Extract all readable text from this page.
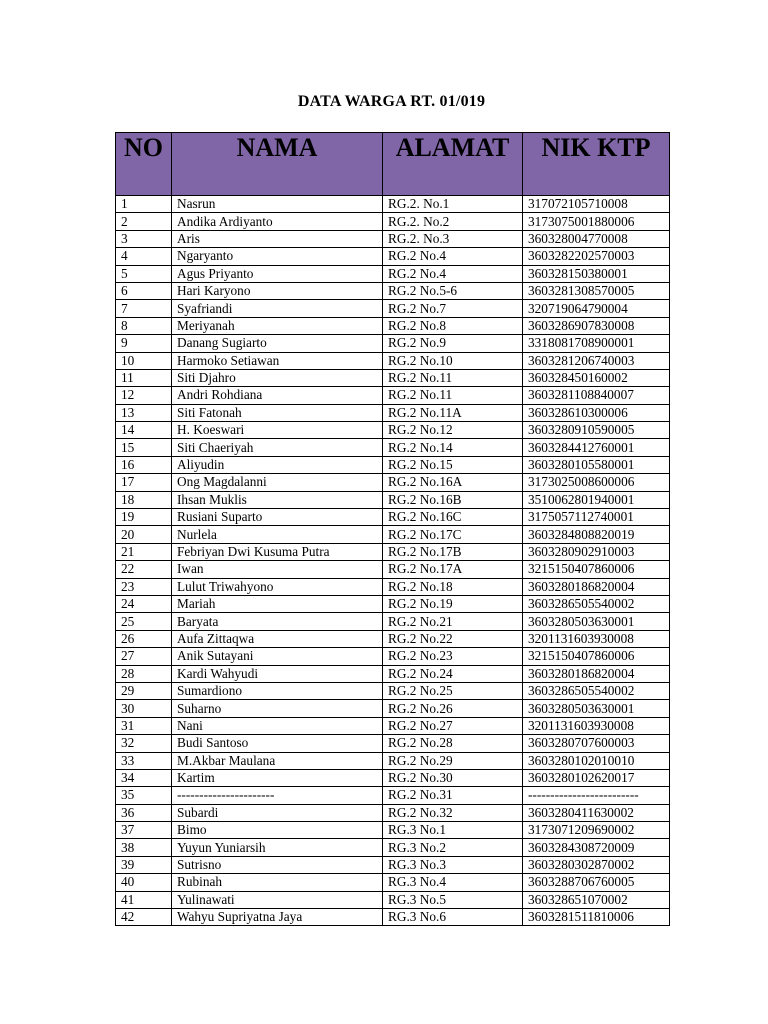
DATA WARGA RT. 01/019
NO	NAMA	ALAMAT	NIK KTP
1	Nasrun	RG.2. No.1	317072105710008
2	Andika Ardiyanto	RG.2. No.2	3173075001880006
3	Aris	RG.2. No.3	360328004770008
4	Ngaryanto	RG.2 No.4	3603282202570003
5	Agus Priyanto	RG.2 No.4	360328150380001
6	Hari Karyono	RG.2 No.5-6	3603281308570005
7	Syafriandi	RG.2 No.7	320719064790004
8	Meriyanah	RG.2 No.8	3603286907830008
9	Danang Sugiarto	RG.2 No.9	3318081708900001
10	Harmoko Setiawan	RG.2 No.10	3603281206740003
11	Siti Djahro	RG.2 No.11	360328450160002
12	Andri Rohdiana	RG.2 No.11	3603281108840007
13	Siti Fatonah	RG.2 No.11A	360328610300006
14	H. Koeswari	RG.2 No.12	3603280910590005
15	Siti Chaeriyah	RG.2 No.14	3603284412760001
16	Aliyudin	RG.2 No.15	3603280105580001
17	Ong Magdalanni	RG.2 No.16A	3173025008600006
18	Ihsan Muklis	RG.2 No.16B	3510062801940001
19	Rusiani Suparto	RG.2 No.16C	3175057112740001
20	Nurlela	RG.2 No.17C	3603284808820019
21	Febriyan Dwi Kusuma Putra	RG.2 No.17B	3603280902910003
22	Iwan	RG.2 No.17A	3215150407860006
23	Lulut Triwahyono	RG.2 No.18	3603280186820004
24	Mariah	RG.2 No.19	3603286505540002
25	Baryata	RG.2 No.21	3603280503630001
26	Aufa Zittaqwa	RG.2 No.22	3201131603930008
27	Anik Sutayani	RG.2 No.23	3215150407860006
28	Kardi Wahyudi	RG.2 No.24	3603280186820004
29	Sumardiono	RG.2 No.25	3603286505540002
30	Suharno	RG.2 No.26	3603280503630001
31	Nani	RG.2 No.27	3201131603930008
32	Budi Santoso	RG.2 No.28	3603280707600003
33	M.Akbar Maulana	RG.2 No.29	3603280102010010
34	Kartim	RG.2 No.30	3603280102620017
35	----------------------	RG.2 No.31	-------------------------
36	Subardi	RG.2 No.32	3603280411630002
37	Bimo	RG.3 No.1	3173071209690002
38	Yuyun Yuniarsih	RG.3 No.2	3603284308720009
39	Sutrisno	RG.3 No.3	3603280302870002
40	Rubinah	RG.3 No.4	3603288706760005
41	Yulinawati	RG.3 No.5	360328651070002
42	Wahyu Supriyatna Jaya	RG.3 No.6	3603281511810006
